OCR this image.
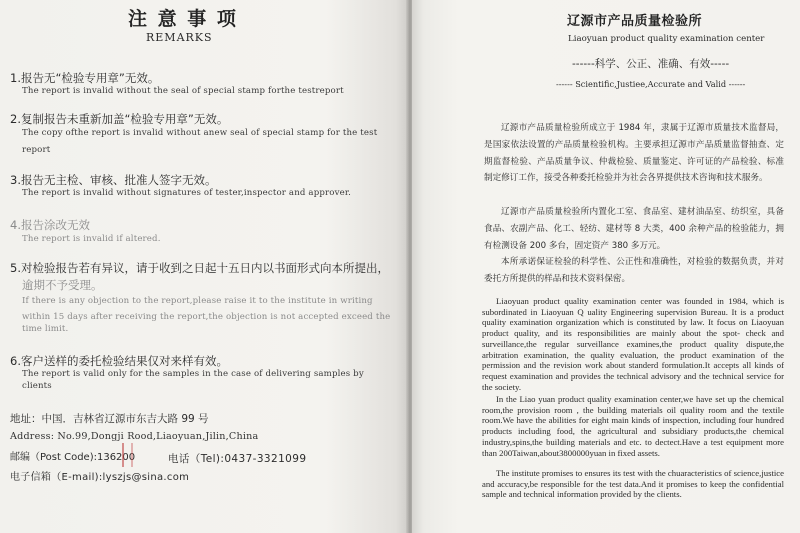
注 意 事 项
REMARKS
1.报告无“检验专用章”无效。
The report is invalid without the seal of special stamp forthe testreport
2.复制报告未重新加盖“检验专用章”无效。
The copy ofthe report is invalid without anew seal of special stamp for the test
report
3.报告无主检、审核、批准人签字无效。
The report is invalid without signatures of tester,inspector and approver.
4.报告涂改无效
The report is invalid if altered.
5.对检验报告若有异议，请于收到之日起十五日内以书面形式向本所提出，
逾期不予受理。
If there is any objection to the report,please raise it to the institute in writing
within 15 days after receiving the report,the objection is not accepted exceed the
time limit.
6.客户送样的委托检验结果仅对来样有效。
The report is valid only for the samples in the case of delivering samples by
clients
地址：中国．吉林省辽源市东吉大路 99 号
Address: No.99,Dongji Rood,Liaoyuan,Jilin,China
邮编（Post Code):136200	电话（Tel):0437-3321099
电子信箱（E-mail):lyszjs@sina.com
辽源市产品质量检验所
Liaoyuan product quality examination center
------科学、公正、准确、有效-----
------ Scientific,Justiee,Accurate and Valid ------
辽源市产品质量检验所成立于 1984 年，隶属于辽源市质量技术监督局，是国家依法设置的产品质量检验机构。主要承担辽源市产品质量监督抽查、定期监督检验、产品质量争议、仲裁检验、质量鉴定、许可证的产品检验、标准制定修订工作，接受各种委托检验并为社会各界提供技术咨询和技术服务。
辽源市产品质量检验所内置化工室、食品室、建材油品室、纺织室，具备食品、农副产品、化工、轻纺、建材等 8 大类，400 余种产品的检验能力，拥有检测设备 200 多台，固定资产 380 多万元。
本所承诺保证检验的科学性、公正性和准确性，对检验的数据负责，并对委托方所提供的样品和技术资料保密。
Liaoyuan product quality examination center was founded in 1984, which is subordinated in Liaoyuan Q uality Engineering supervision Bureau. It is a product quality examination organization which is constituted by law. It focus on Liaoyuan product quality, and its responsibilities are mainly about the spot- check and surveillance,the regular surveillance examines,the product quality dispute,the arbitration examination, the quality evaluation, the product examination of the permission and the revision work about standerd formulation.It accepts all kinds of request examination and provides the technical advisory and the technical service for the society.
In the Liao yuan product quality examination center,we have set up the chemical room,the provision room , the building materials oil quality room and the textile room.We have the abilities for eight main kinds of inspection, including four hundred products including food, the agricultural and subsidiary products,the chemical industry,spins,the building materials and etc. to dectect.Have a test equipment more than 200Taiwan,about3800000yuan in fixed assets.
The institute promises to ensures its test with the chuaracteristics of science,justice and accuracy,be responsible for the test data.And it promises to keep the confidential sample and technical information provided by the clients.
